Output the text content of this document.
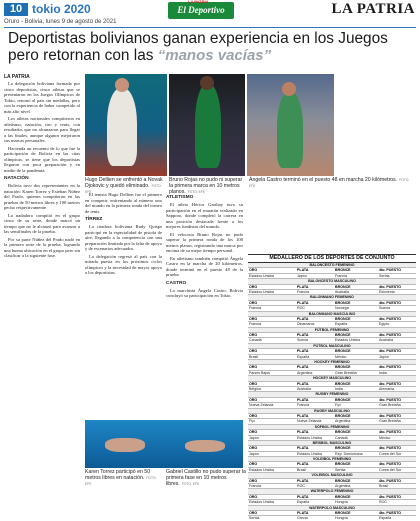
10 tokio 2020	El Deportivo
LA PATRIA	LA PATRIA
Oruro - Bolivia, lunes 9 de agosto de 2021
Deportistas bolivianos ganan experiencia en los Juegos pero retornan con las “manos vacías”
Hugo Dellien se enfrentó a Novak Djokovic y quedó eliminado. FOTO: EFE
Bruno Rojas no pudo ni superar la primera marca en 10 metros planos. FOTO: EFE
Ángela Castro terminó en el puesto 48 en marcha 20 kilómetros. FOTO: EFE
LA PATRIA

La delegación boliviana formada por cinco deportistas, cinco atletas que se presentaron en los Juegos Olímpicos de Tokio, retornó al país sin medallas, pero con la experiencia de haber competido al más alto nivel.

Los atletas nacionales compitieron en atletismo, natación, tiro y tenis, con resultados que no alcanzaron para llegar a las finales, aunque algunos mejoraron sus marcas personales.

Hacienda un recuento de lo que fue la participación de Bolivia en las citas olímpicas, se tiene que los deportistas llegaron con poca preparación y en medio de la pandemia.

NATACIÓN

Bolivia tuvo dos representantes en la natación: Karen Torrez y Esteban Núñez del Prado, quienes compitieron en las pruebas de 50 metros libres y 100 metros pecho respectivamente.

La nadadora compitió en el grupo cinco de su serie, donde marcó un tiempo que no le alcanzó para avanzar a las semifinales de la prueba.

Por su parte Núñez del Prado nadó en la primera serie de la prueba, logrando una buena ubicación en el grupo pero sin clasificar a la siguiente fase.

El tenista Hugo Dellien fue el primero en competir, enfrentando al número uno del mundo en la primera ronda del torneo de tenis.

TÍRREZ

La tiradora boliviana Rudy Quispe participó en la especialidad de pistola de aire, llegando a la competencia con una preparación limitada por la falta de apoyo y de escenarios adecuados.

La delegación regresó al país con la mirada puesta en los próximos ciclos olímpicos y la necesidad de mayor apoyo a los deportistas.

ATLETISMO

El atleta Héctor Garibay tuvo su participación en el maratón realizado en Sapporo, donde completó la carrera en una posición destacada frente a los mejores fondistas del mundo.

El velocista Bruno Rojas no pudo superar la primera ronda de los 100 metros planos, registrando una marca por encima de su mejor tiempo personal.

En atletismo también compitió Ángela Castro en la marcha de 20 kilómetros, donde terminó en el puesto 48 de la prueba.

CASTRO

La marchista Ángela Castro, Bolivia concluyó su participación en Tokio.

Karen Torrez participó en 50 metros libres en natación. FOTO: EFE
Gabriel Castillo no pudo superar la primera fase en 10 metros libres. FOTO: EFE
MEDALLERO DE LOS DEPORTES DE CONJUNTO
BALONCESTO FEMENINO
ORO	PLATA	BRONCE	4to. PUESTO
Estados Unidos	Japón	Francia	Serbia
BALONCESTO MASCULINO
ORO	PLATA	BRONCE	4to. PUESTO
Estados Unidos	Francia	Australia	Eslovenia
BALONMANO FEMENINO
ORO	PLATA	BRONCE	4to. PUESTO
Francia	ROC	Noruega	Suecia
BALONMANO MASCULINO
ORO	PLATA	BRONCE	4to. PUESTO
Francia	Dinamarca	España	Egipto
FÚTBOL FEMENINO
ORO	PLATA	BRONCE	4to. PUESTO
Canadá	Suecia	Estados Unidos	Australia
FÚTBOL MASCULINO
ORO	PLATA	BRONCE	4to. PUESTO
Brasil	España	México	Japón
HOCKEY FEMENINO
ORO	PLATA	BRONCE	4to. PUESTO
Países Bajos	Argentina	Gran Bretaña	India
HOCKEY MASCULINO
ORO	PLATA	BRONCE	4to. PUESTO
Bélgica	Australia	India	Alemania
RUGBY FEMENINO
ORO	PLATA	BRONCE	4to. PUESTO
Nueva Zelanda	Francia	Fiyi	Gran Bretaña
RUGBY MASCULINO
ORO	PLATA	BRONCE	4to. PUESTO
Fiyi	Nueva Zelanda	Argentina	Gran Bretaña
SÓFBOL FEMENINO
ORO	PLATA	BRONCE	4to. PUESTO
Japón	Estados Unidos	Canadá	México
BÉISBOL MASCULINO
ORO	PLATA	BRONCE	4to. PUESTO
Japón	Estados Unidos	Rep. Dominicana	Corea del Sur
VOLEIBOL FEMENINO
ORO	PLATA	BRONCE	4to. PUESTO
Estados Unidos	Brasil	Serbia	Corea del Sur
VOLEIBOL MASCULINO
ORO	PLATA	BRONCE	4to. PUESTO
Francia	ROC	Argentina	Brasil
WATERPOLO FEMENINO
ORO	PLATA	BRONCE	4to. PUESTO
Estados Unidos	España	Hungría	ROC
WATERPOLO MASCULINO
ORO	PLATA	BRONCE	4to. PUESTO
Serbia	Grecia	Hungría	España
